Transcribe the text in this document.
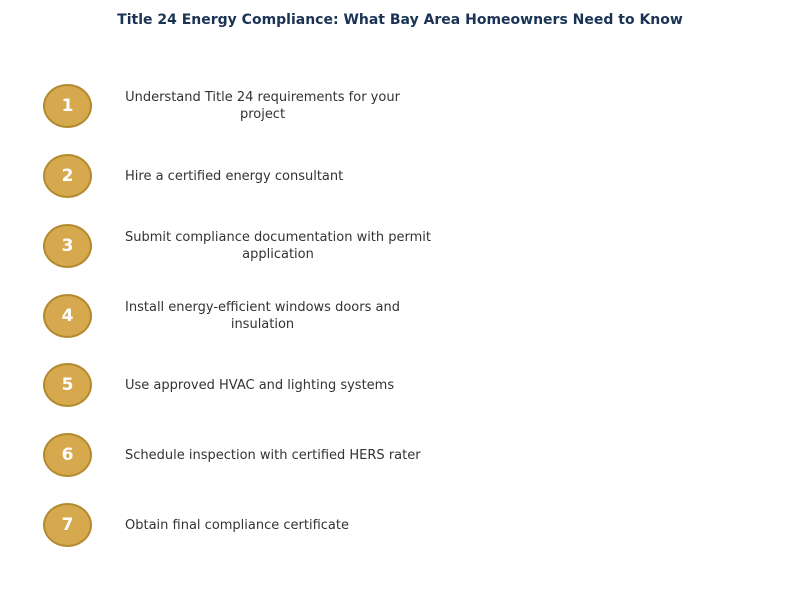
Title 24 Energy Compliance: What Bay Area Homeowners Need to Know
1	Understand Title 24 requirements for your project
2	Hire a certified energy consultant
3	Submit compliance documentation with permit application
4	Install energy-efficient windows doors and insulation
5	Use approved HVAC and lighting systems
6	Schedule inspection with certified HERS rater
7	Obtain final compliance certificate
